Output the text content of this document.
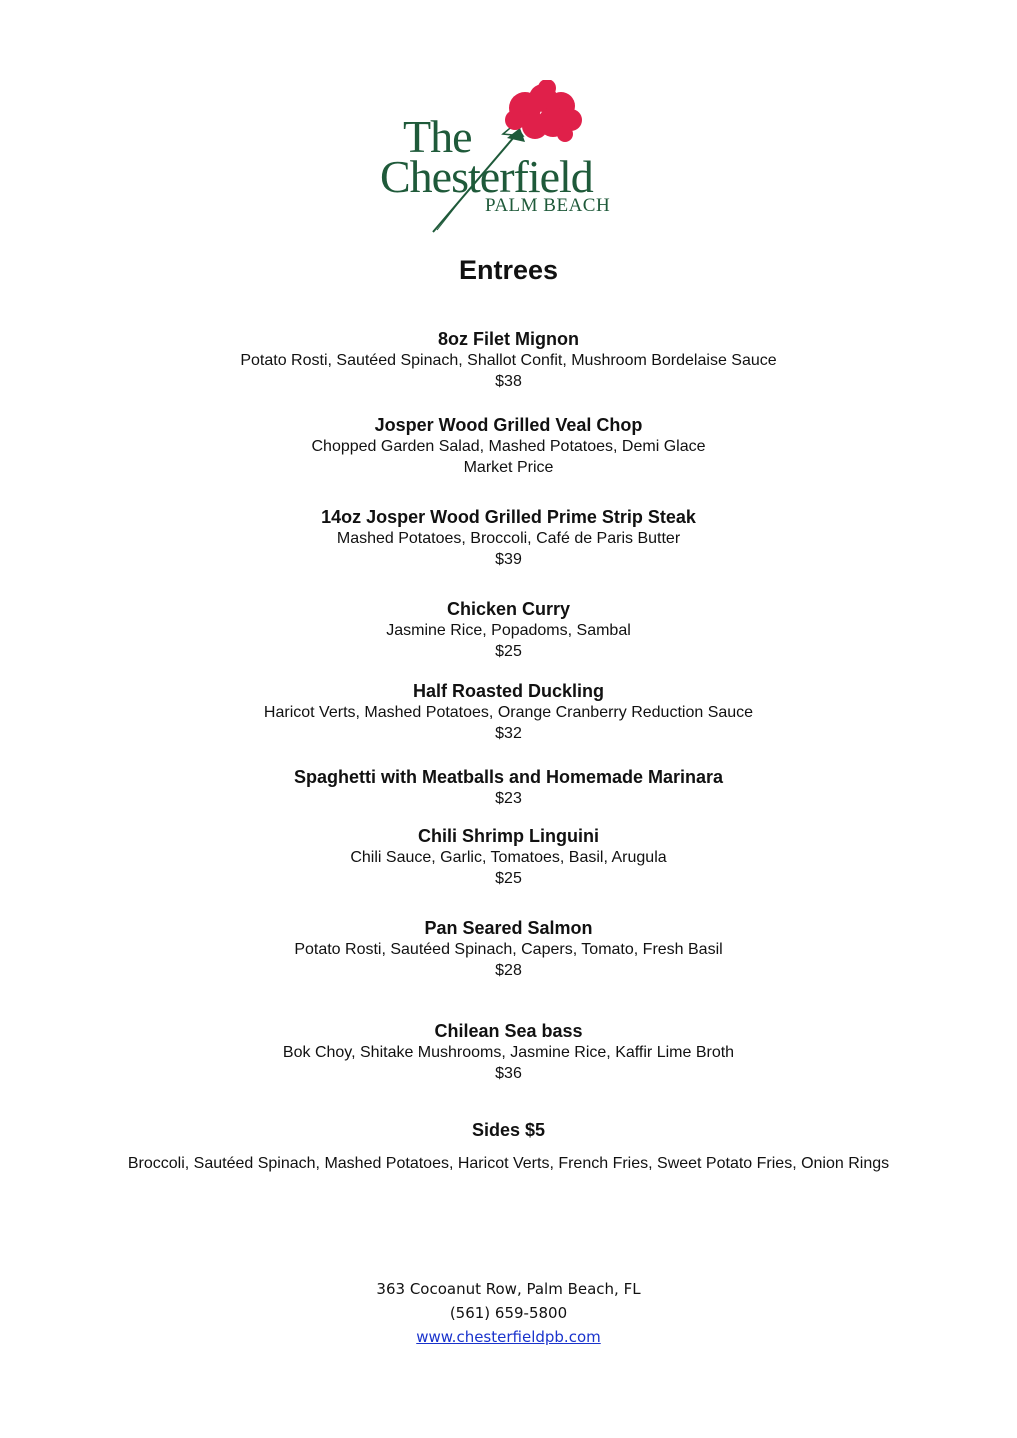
The
Chesterfield
PALM BEACH
Entrees
8oz Filet Mignon
Potato Rosti, Sautéed Spinach, Shallot Confit, Mushroom Bordelaise Sauce
$38
Josper Wood Grilled Veal Chop
Chopped Garden Salad, Mashed Potatoes, Demi Glace
Market Price
14oz Josper Wood Grilled Prime Strip Steak
Mashed Potatoes, Broccoli, Café de Paris Butter
$39
Chicken Curry
Jasmine Rice, Popadoms, Sambal
$25
Half Roasted Duckling
Haricot Verts, Mashed Potatoes, Orange Cranberry Reduction Sauce
$32
Spaghetti with Meatballs and Homemade Marinara
$23
Chili Shrimp Linguini
Chili Sauce, Garlic, Tomatoes, Basil, Arugula
$25
Pan Seared Salmon
Potato Rosti, Sautéed Spinach, Capers, Tomato, Fresh Basil
$28
Chilean Sea bass
Bok Choy, Shitake Mushrooms, Jasmine Rice, Kaffir Lime Broth
$36
Sides $5
Broccoli, Sautéed Spinach, Mashed Potatoes, Haricot Verts, French Fries, Sweet Potato Fries, Onion Rings
363 Cocoanut Row, Palm Beach, FL
(561) 659-5800
www.chesterfieldpb.com
